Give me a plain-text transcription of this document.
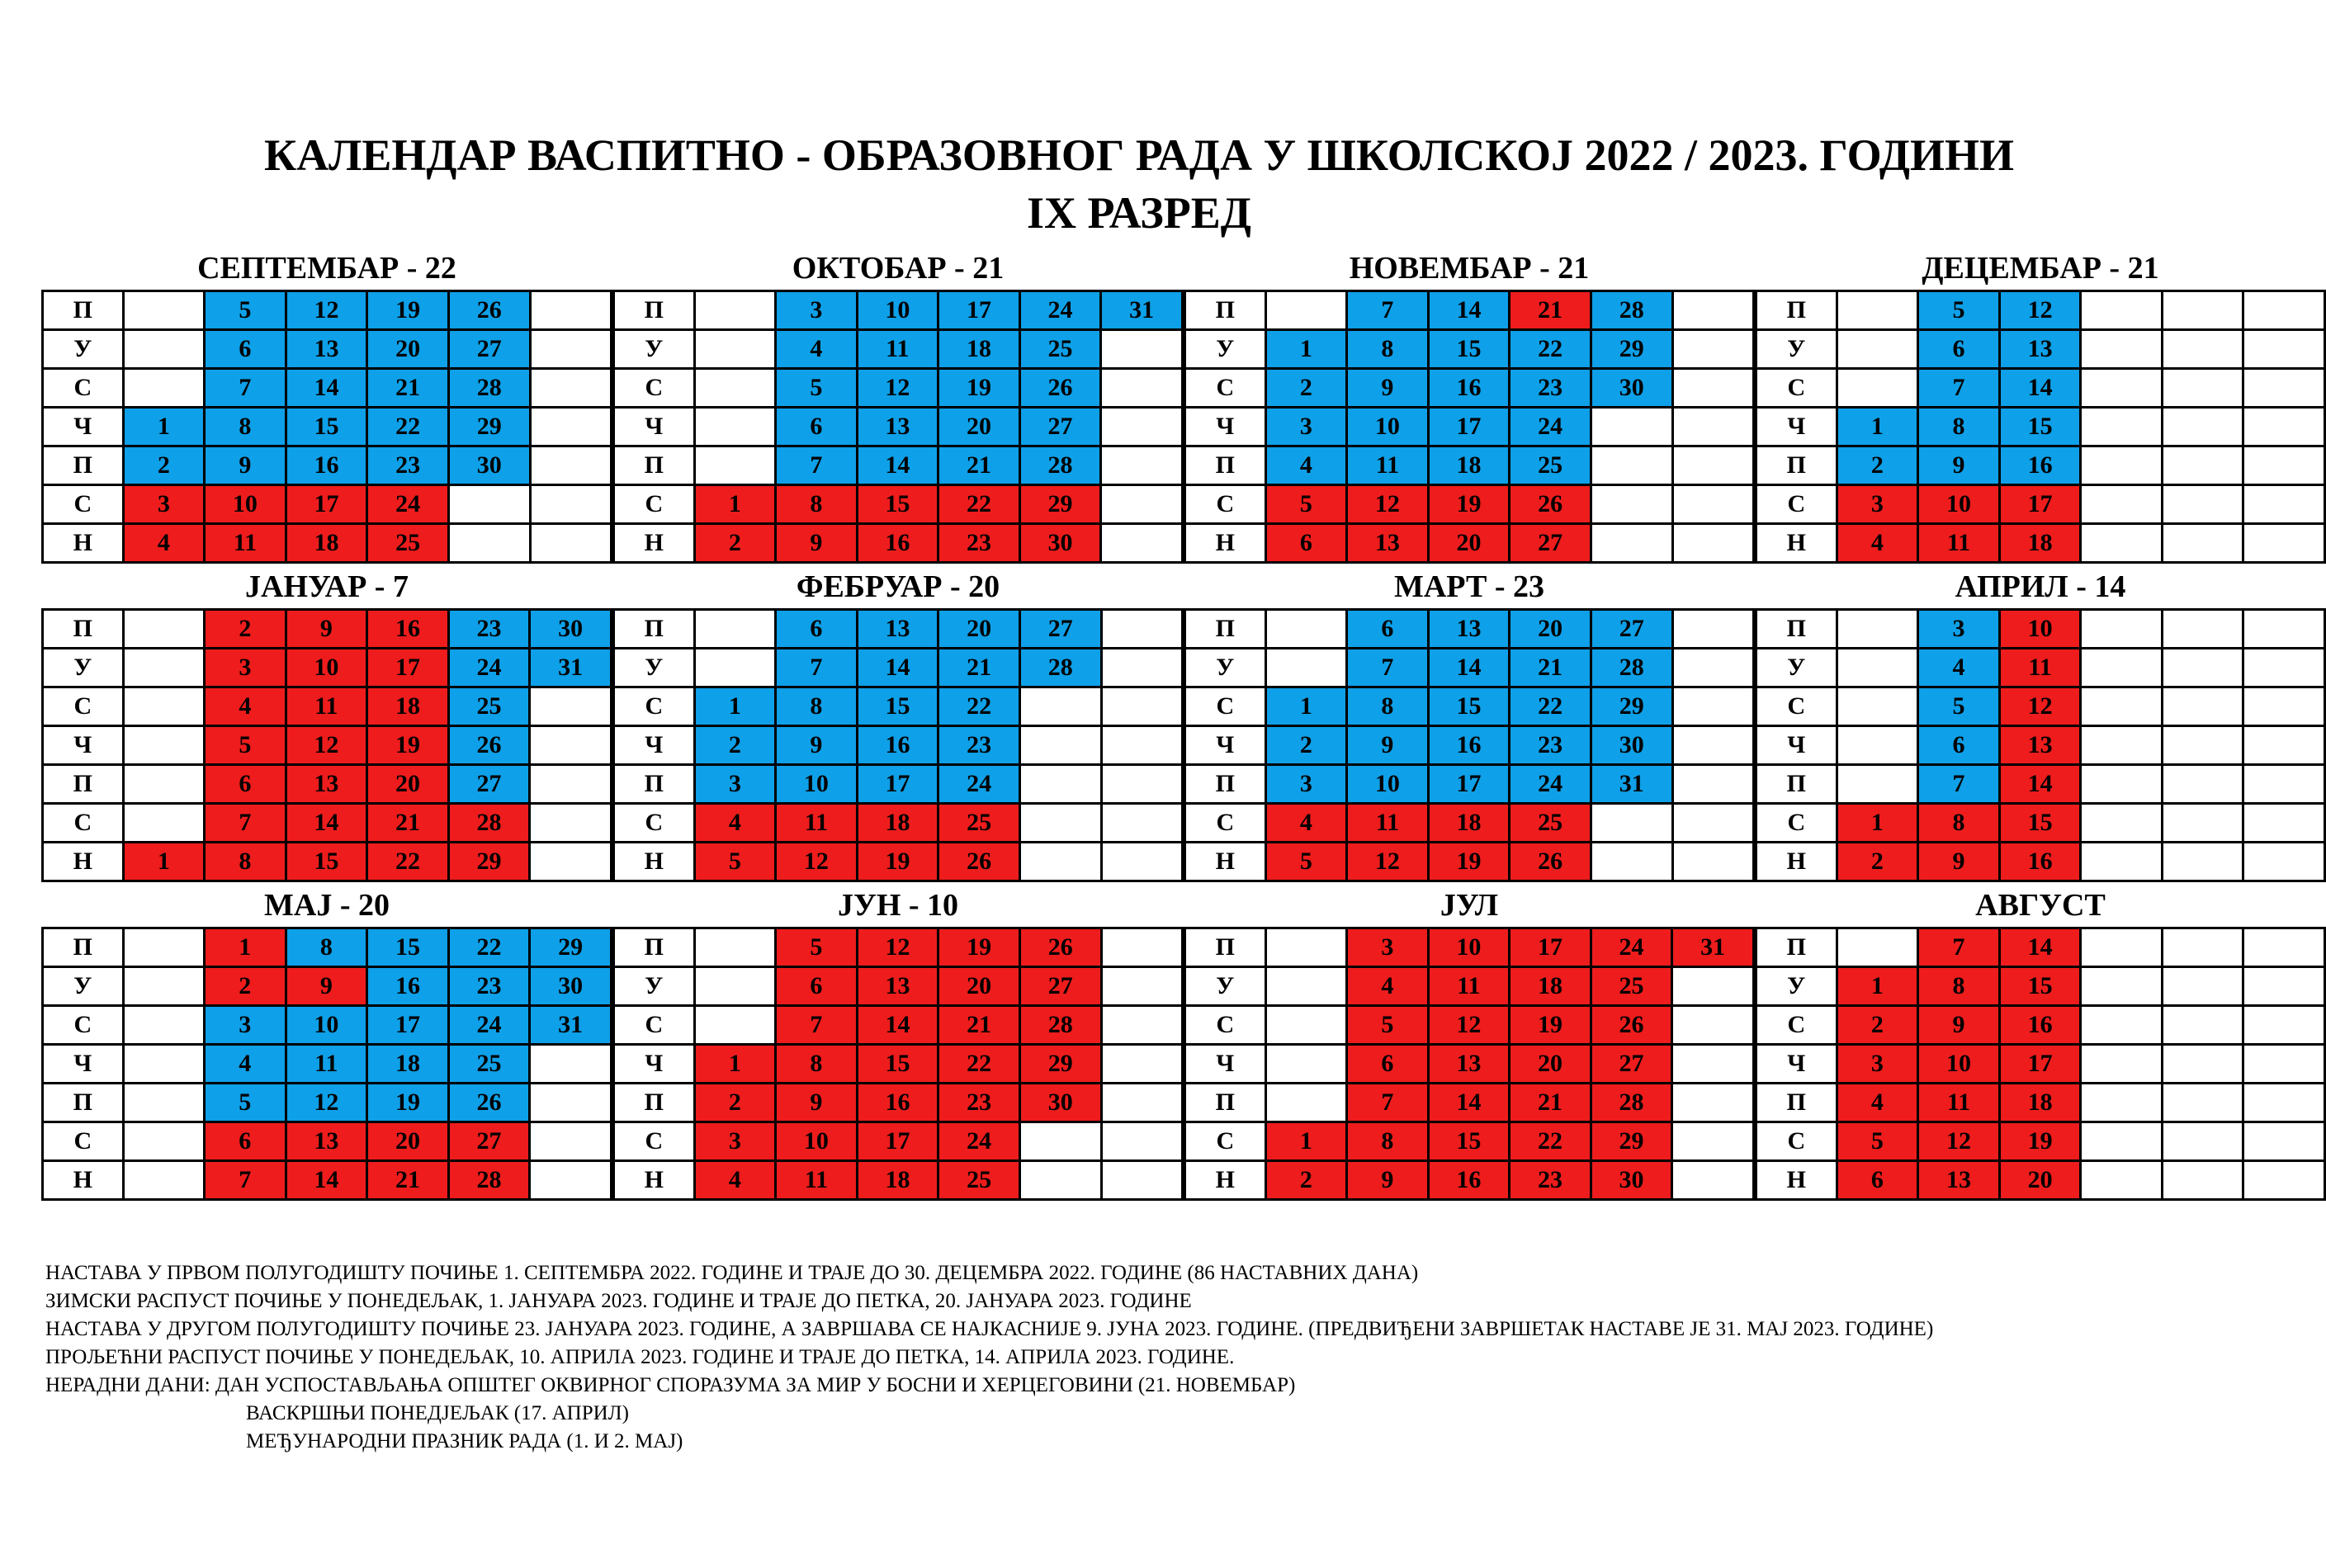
КАЛЕНДАР ВАСПИТНО - ОБРАЗОВНОГ РАДА У ШКОЛСКОЈ 2022 / 2023. ГОДИНИ
IX РАЗРЕД
СЕПТЕМБАР - 22
П		5	12	19	26	
У		6	13	20	27	
С		7	14	21	28	
Ч	1	8	15	22	29	
П	2	9	16	23	30	
С	3	10	17	24		
Н	4	11	18	25		
ОКТОБАР - 21
П		3	10	17	24	31
У		4	11	18	25	
С		5	12	19	26	
Ч		6	13	20	27	
П		7	14	21	28	
С	1	8	15	22	29	
Н	2	9	16	23	30	
НОВЕМБАР - 21
П		7	14	21	28	
У	1	8	15	22	29	
С	2	9	16	23	30	
Ч	3	10	17	24		
П	4	11	18	25		
С	5	12	19	26		
Н	6	13	20	27		
ДЕЦЕМБАР - 21
П		5	12			
У		6	13			
С		7	14			
Ч	1	8	15			
П	2	9	16			
С	3	10	17			
Н	4	11	18			
ЈАНУАР - 7
П		2	9	16	23	30
У		3	10	17	24	31
С		4	11	18	25	
Ч		5	12	19	26	
П		6	13	20	27	
С		7	14	21	28	
Н	1	8	15	22	29	
ФЕБРУАР - 20
П		6	13	20	27	
У		7	14	21	28	
С	1	8	15	22		
Ч	2	9	16	23		
П	3	10	17	24		
С	4	11	18	25		
Н	5	12	19	26		
МАРТ - 23
П		6	13	20	27	
У		7	14	21	28	
С	1	8	15	22	29	
Ч	2	9	16	23	30	
П	3	10	17	24	31	
С	4	11	18	25		
Н	5	12	19	26		
АПРИЛ - 14
П		3	10			
У		4	11			
С		5	12			
Ч		6	13			
П		7	14			
С	1	8	15			
Н	2	9	16			
МАЈ - 20
П		1	8	15	22	29
У		2	9	16	23	30
С		3	10	17	24	31
Ч		4	11	18	25	
П		5	12	19	26	
С		6	13	20	27	
Н		7	14	21	28	
ЈУН - 10
П		5	12	19	26	
У		6	13	20	27	
С		7	14	21	28	
Ч	1	8	15	22	29	
П	2	9	16	23	30	
С	3	10	17	24		
Н	4	11	18	25		
ЈУЛ
П		3	10	17	24	31
У		4	11	18	25	
С		5	12	19	26	
Ч		6	13	20	27	
П		7	14	21	28	
С	1	8	15	22	29	
Н	2	9	16	23	30	
АВГУСТ
П		7	14			
У	1	8	15			
С	2	9	16			
Ч	3	10	17			
П	4	11	18			
С	5	12	19			
Н	6	13	20			
НАСТАВА У ПРВОМ ПОЛУГОДИШТУ ПОЧИЊЕ 1. СЕПТЕМБРА 2022. ГОДИНЕ И ТРАЈЕ ДО 30. ДЕЦЕМБРА 2022. ГОДИНЕ (86 НАСТАВНИХ ДАНА)
ЗИМСКИ РАСПУСТ ПОЧИЊЕ У ПОНЕДЕЉАК, 1. ЈАНУАРА 2023. ГОДИНЕ И ТРАЈЕ ДО ПЕТКА, 20. ЈАНУАРА 2023. ГОДИНЕ
НАСТАВА У ДРУГОМ ПОЛУГОДИШТУ ПОЧИЊЕ 23. ЈАНУАРА 2023. ГОДИНЕ, А ЗАВРШАВА СЕ НАЈКАСНИЈЕ 9. ЈУНА 2023. ГОДИНЕ. (ПРЕДВИЂЕНИ ЗАВРШЕТАК НАСТАВЕ ЈЕ 31. МАЈ 2023. ГОДИНЕ)
ПРОЉЕЋНИ РАСПУСТ ПОЧИЊЕ У ПОНЕДЕЉАК, 10. АПРИЛА 2023. ГОДИНЕ И ТРАЈЕ ДО ПЕТКА, 14. АПРИЛА 2023. ГОДИНЕ.
НЕРАДНИ ДАНИ: ДАН УСПОСТАВЉАЊА ОПШТЕГ ОКВИРНОГ СПОРАЗУМА ЗА МИР У БОСНИ И ХЕРЦЕГОВИНИ (21. НОВЕМБАР)
ВАСКРШЊИ ПОНЕДЈЕЉАК (17. АПРИЛ)
МЕЂУНАРОДНИ ПРАЗНИК РАДА (1. И 2. МАЈ)
